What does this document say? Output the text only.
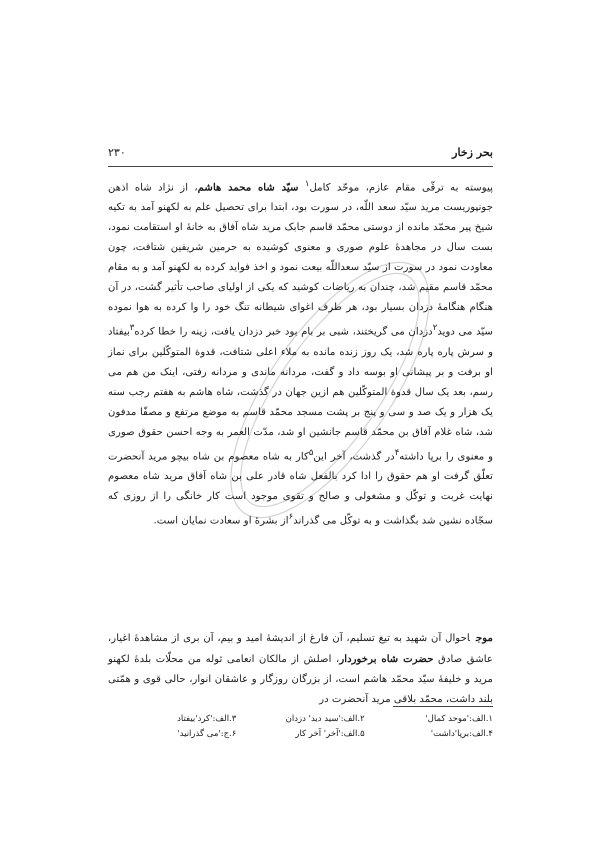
بحر زخار
۲۳۰

پیوسته به ترقّی مقام عازم، موحّد کامل$^۱$ سیّد شاه محمد هاشم، از نژاد شاه اذهن جونپوریست مرید سیّد سعد اللّه، در سورت بود، ابتدا برای تحصیل علم به لکهنو آمد به تکیه شیخ پیر محمّد مانده از دوستی محمّد قاسم جابک مرید شاه آفاق به خانهٔ او استقامت نمود، بست سال در مجاهدهٔ علوم صوری و معنوی کوشیده به حرمین شریفین شتافت، چون معاودت نمود در سورت از سیّد سعداللّه بیعت نمود و اخذ فواید کرده به لکهنو آمد و به مقام محمّد قاسم مقیم شد، چندان به ریاضات کوشید که یکی از اولیای صاحب تأثیر گشت، در آن هنگام هنگامهٔ دزدان بسیار بود، هر طرف اغوای شیطانه تنگ خود را وا کرده به هوا نموده سیّد می دوید$^۲$دزدان می گریختند، شبی بر بام بود خبر دزدان یافت، زینه را خطا کرده$^۳$بیفتاد و سرش پاره پاره شد، یک روز زنده مانده به ملاء اعلی شتافت، قدوة المتوکّلین برای نماز او برفت و بر پیشانی او بوسه داد و گفت، مردانه ماندی و مردانه رفتی، اینک من هم می رسم، بعد یک سال قدوة المتوکّلین هم ازین جهان در گذشت، شاه هاشم به هفتم رجب سنه یک هزار و یک صد و سی و پنج بر پشت مسجد محمّد قاسم به موضع مرتفع و مصفّا مدفون شد، شاه غلام آفاق بن محمّد قاسم جانشین او شد، مدّت العمر به وجه احسن حقوق صوری و معنوی را برپا داشته$^۴$در گذشت، آخر این$^۵$کار به شاه معصوم بن شاه بیچو مرید آنحضرت تعلّق گرفت او هم حقوق را ادا کرد بالفعل شاه قادر علی بن شاه آفاق مرید شاه معصوم نهایت غربت و توکّل و مشغولی و صالح و تقوی موجود است کار خانگی را از روزی که سجّاده نشین شد بگذاشت و به توکّل می گذراند$^۶$از بشرهٔ او سعادت نمایان است.

موجاحوال آن شهید به تیغ تسلیم، آن فارغ از اندیشهٔ امید و بیم، آن بری از مشاهدهٔ اغیار، عاشق صادق حضرت شاه برخوردار، اصلش از مالکان انعامی ثوله من محلّات بلدهٔ لکهنو مرید و خلیفهٔ سیّد محمّد هاشم است، از بزرگان روزگار و عاشقان انوار، حالی قوی و همّتی بلند داشت، محمّد بلاقی مرید آنحضرت در
۱.الف:'موحد کمال'
۲.الف:'سید دید' دزدان
۳.الف:'کرد'بیفتاد
۴.الف:برپا'داشت'
۵.الف:'آخر' آخر کار
۶.ج:'می گذرانید'
